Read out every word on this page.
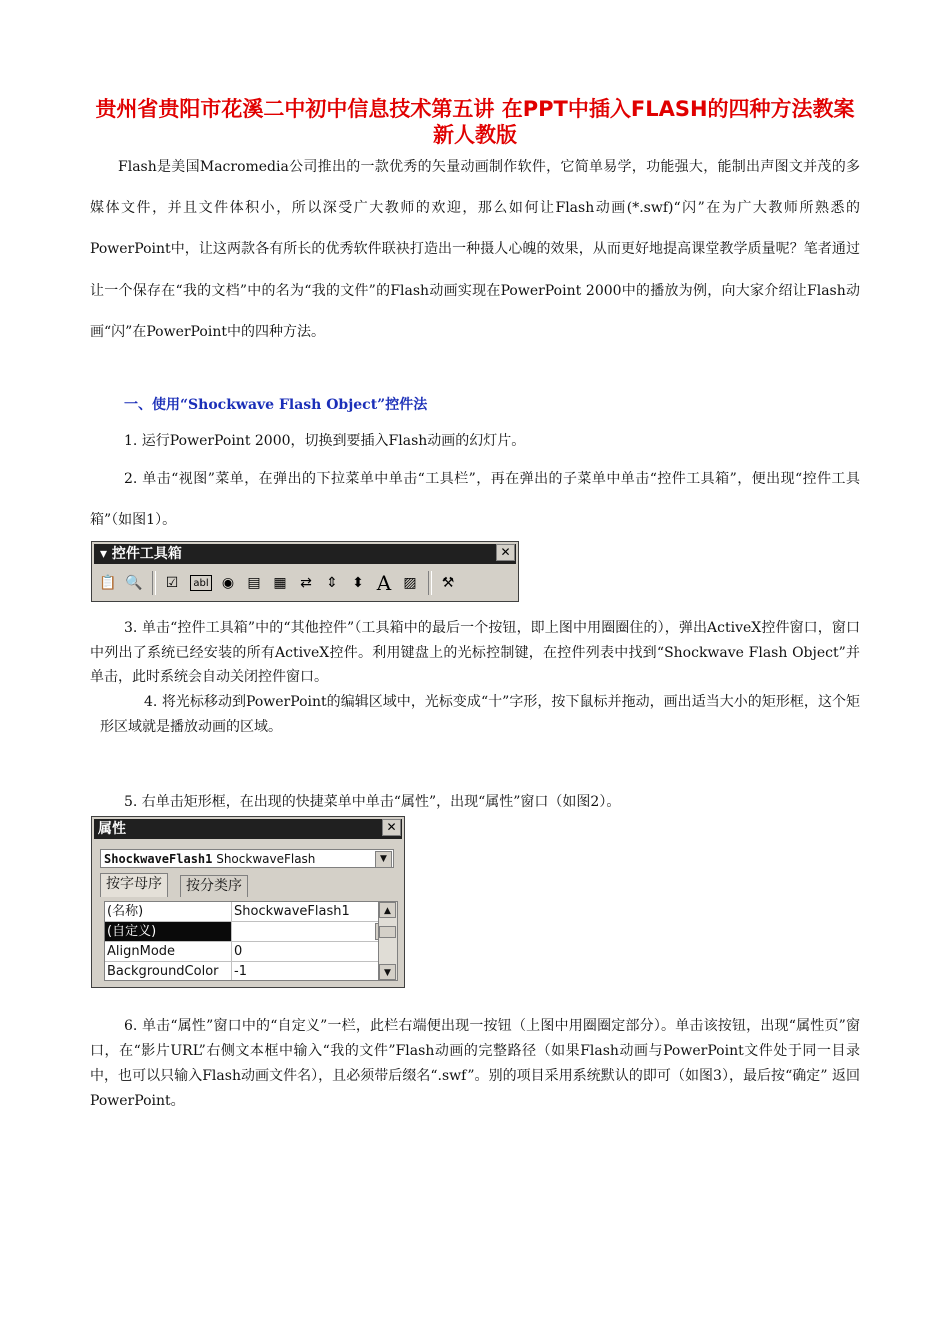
贵州省贵阳市花溪二中初中信息技术第五讲 在PPT中插入FLASH的四种方法教案 新人教版
Flash是美国Macromedia公司推出的一款优秀的矢量动画制作软件，它简单易学，功能强大，能制出声图文并茂的多媒体文件，并且文件体积小，所以深受广大教师的欢迎，那么如何让Flash动画(*.swf)“闪”在为广大教师所熟悉的PowerPoint中，让这两款各有所长的优秀软件联袂打造出一种摄人心魄的效果，从而更好地提高课堂教学质量呢？笔者通过让一个保存在“我的文档”中的名为“我的文件”的Flash动画实现在PowerPoint 2000中的播放为例，向大家介绍让Flash动画“闪”在PowerPoint中的四种方法。
一、使用“Shockwave Flash Object”控件法
1. 运行PowerPoint 2000，切换到要插入Flash动画的幻灯片。
2. 单击“视图”菜单，在弹出的下拉菜单中单击“工具栏”，再在弹出的子菜单中单击“控件工具箱”，便出现“控件工具箱”（如图1）。
▾ 控件工具箱	✕
📋 🔍	☑	abl ◉ ▤ ▦ ⇄	⇕	⬍ A ▨	⚒
3. 单击“控件工具箱”中的“其他控件”（工具箱中的最后一个按钮，即上图中用圈圈住的），弹出ActiveX控件窗口，窗口中列出了系统已经安装的所有ActiveX控件。利用键盘上的光标控制键，在控件列表中找到“Shockwave Flash Object”并单击，此时系统会自动关闭控件窗口。
4. 将光标移动到PowerPoint的编辑区域中，光标变成“十”字形，按下鼠标并拖动，画出适当大小的矩形框，这个矩形区域就是播放动画的区域。
5. 右单击矩形框，在出现的快捷菜单中单击“属性”，出现“属性”窗口（如图2）。
属性	✕
ShockwaveFlash1 ShockwaveFlash	▼
按字母序	按分类序
(名称)	ShockwaveFlash1
(自定义)
AlignMode	0
BackgroundColor	-1
▲
▼
6. 单击“属性”窗口中的“自定义”一栏，此栏右端便出现一按钮（上图中用圈圈定部分）。单击该按钮，出现“属性页”窗口，在“影片URL”右侧文本框中输入“我的文件”Flash动画的完整路径（如果Flash动画与PowerPoint文件处于同一目录中，也可以只输入Flash动画文件名），且必须带后缀名“.swf”。别的项目采用系统默认的即可（如图3），最后按“确定” 返回PowerPoint。
